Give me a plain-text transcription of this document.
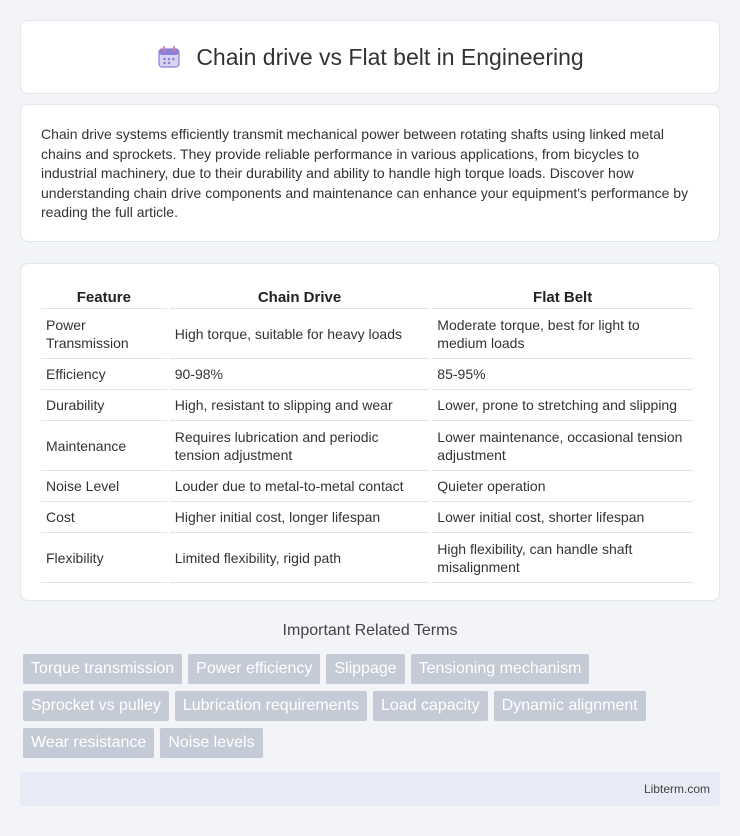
Chain drive vs Flat belt in Engineering

Chain drive systems efficiently transmit mechanical power between rotating shafts using linked metal chains and sprockets. They provide reliable performance in various applications, from bicycles to industrial machinery, due to their durability and ability to handle high torque loads. Discover how understanding chain drive components and maintenance can enhance your equipment's performance by reading the full article.

Feature	Chain Drive	Flat Belt
Power Transmission	High torque, suitable for heavy loads	Moderate torque, best for light to medium loads
Efficiency	90-98%	85-95%
Durability	High, resistant to slipping and wear	Lower, prone to stretching and slipping
Maintenance	Requires lubrication and periodic tension adjustment	Lower maintenance, occasional tension adjustment
Noise Level	Louder due to metal-to-metal contact	Quieter operation
Cost	Higher initial cost, longer lifespan	Lower initial cost, shorter lifespan
Flexibility	Limited flexibility, rigid path	High flexibility, can handle shaft misalignment
Important Related Terms
Torque transmission	Power efficiency	Slippage	Tensioning mechanism
Sprocket vs pulley	Lubrication requirements	Load capacity	Dynamic alignment
Wear resistance	Noise levels
Libterm.com
